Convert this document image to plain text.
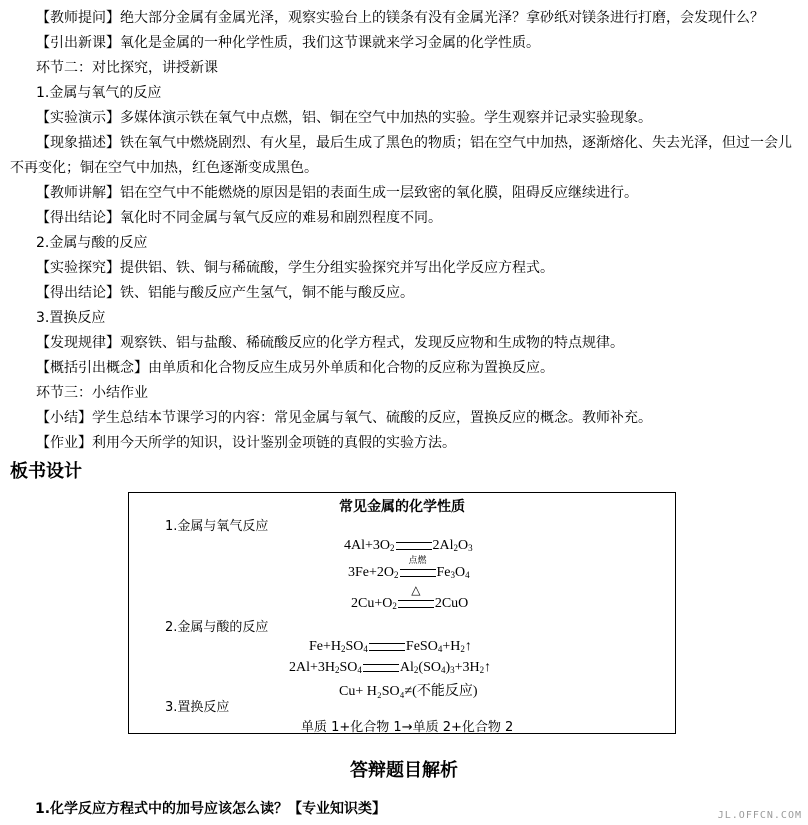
【教师提问】绝大部分金属有金属光泽，观察实验台上的镁条有没有金属光泽？拿砂纸对镁条进行打磨，会发现什么？
【引出新课】氧化是金属的一种化学性质，我们这节课就来学习金属的化学性质。
环节二：对比探究，讲授新课
1.金属与氧气的反应
【实验演示】多媒体演示铁在氧气中点燃，铝、铜在空气中加热的实验。学生观察并记录实验现象。
【现象描述】铁在氧气中燃烧剧烈、有火星，最后生成了黑色的物质；铝在空气中加热，逐渐熔化、失去光泽，但过一会儿不再变化；铜在空气中加热，红色逐渐变成黑色。
【教师讲解】铝在空气中不能燃烧的原因是铝的表面生成一层致密的氧化膜，阻碍反应继续进行。
【得出结论】氧化时不同金属与氧气反应的难易和剧烈程度不同。
2.金属与酸的反应
【实验探究】提供铝、铁、铜与稀硫酸，学生分组实验探究并写出化学反应方程式。
【得出结论】铁、铝能与酸反应产生氢气，铜不能与酸反应。
3.置换反应
【发现规律】观察铁、铝与盐酸、稀硫酸反应的化学方程式，发现反应物和生成物的特点规律。
【概括引出概念】由单质和化合物反应生成另外单质和化合物的反应称为置换反应。
环节三：小结作业
【小结】学生总结本节课学习的内容：常见金属与氧气、硫酸的反应，置换反应的概念。教师补充。
【作业】利用今天所学的知识，设计鉴别金项链的真假的实验方法。
板书设计
常见金属的化学性质
1.金属与氧气反应
$4Al+3O_2$	$2Al_2O_3$
$3Fe+2O_2$
点燃
$Fe_3O_4$
$2Cu+O_2$
△
2CuO
2.金属与酸的反应
$Fe+H_2SO_4$	$FeSO_4+H_2↑$
$2Al+3H_2SO_4$	$Al_2(SO_4)_3+3H_2↑$
Cu+ H₂SO₄≠(不能反应)
3.置换反应
单质 1+化合物 1→单质 2+化合物 2
答辩题目解析
1.化学反应方程式中的加号应该怎么读？【专业知识类】	JL.OFFCN.COM
